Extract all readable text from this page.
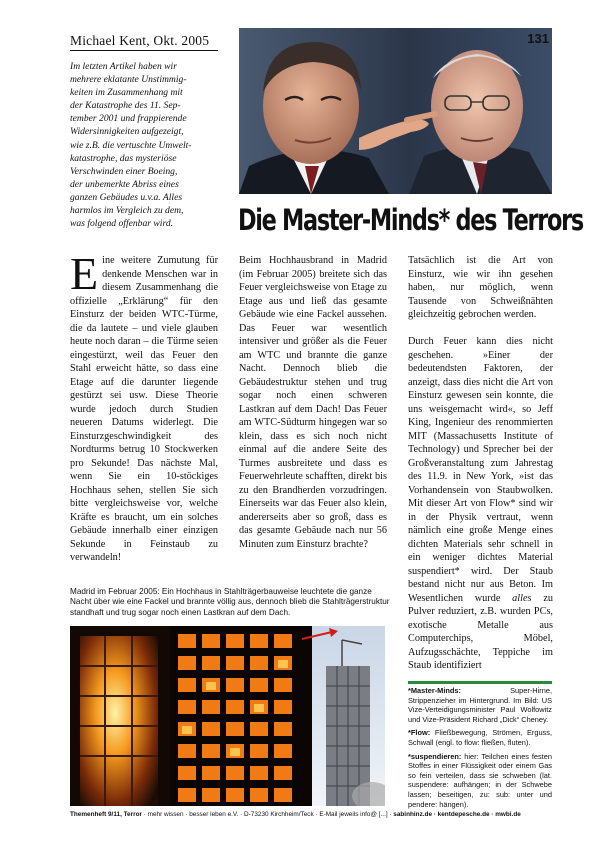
Michael Kent, Okt. 2005
Im letzten Artikel haben wir
mehrere eklatante Unstimmig-
keiten im Zusammenhang mit
der Katastrophe des 11. Sep-
tember 2001 und frappierende
Widersinnigkeiten aufgezeigt,
wie z.B. die vertuschte Umwelt-
katastrophe, das mysteriöse
Verschwinden einer Boeing,
der unbemerkte Abriss eines
ganzen Gebäudes u.v.a. Alles
harmlos im Vergleich zu dem,
was folgend offenbar wird.
131
Die Master-Minds* des Terrors

Eine weitere Zumutung für denkende Menschen war in diesem Zusammenhang die offizielle „Erklärung“ für den Einsturz der beiden WTC-Türme, die da lautete – und viele glauben heute noch daran – die Türme seien eingestürzt, weil das Feuer den Stahl erweicht hätte, so dass eine Etage auf die darunter liegende gestürzt sei usw. Diese Theorie wurde jedoch durch Studien neueren Datums widerlegt. Die Einsturzgeschwindigkeit des Nordturms betrug 10 Stockwerken pro Sekunde! Das nächste Mal, wenn Sie ein 10-stöckiges Hochhaus sehen, stellen Sie sich bitte vergleichsweise vor, welche Kräfte es braucht, um ein solches Gebäude innerhalb einer einzigen Sekunde in Feinstaub zu verwandeln!

Beim Hochhausbrand in Madrid (im Februar 2005) breitete sich das Feuer vergleichsweise von Etage zu Etage aus und ließ das gesamte Gebäude wie eine Fackel aussehen. Das Feuer war wesentlich intensiver und größer als die Feuer am WTC und brannte die ganze Nacht. Dennoch blieb die Gebäudestruktur stehen und trug sogar noch einen schweren Lastkran auf dem Dach! Das Feuer am WTC-Südturm hingegen war so klein, dass es sich noch nicht einmal auf die andere Seite des Turmes ausbreitete und dass es Feuerwehrleute schafften, direkt bis zu den Brandherden vorzudringen. Einerseits war das Feuer also klein, andererseits aber so groß, dass es das gesamte Gebäude nach nur 56 Minuten zum Einsturz brachte?

Tatsächlich ist die Art von Einsturz, wie wir ihn gesehen haben, nur möglich, wenn Tausende von Schweißnähten gleichzeitig gebrochen werden.

Durch Feuer kann dies nicht geschehen. »Einer der bedeutendsten Faktoren, der anzeigt, dass dies nicht die Art von Einsturz gewesen sein konnte, die uns weisgemacht wird«, so Jeff King, Ingenieur des renommierten MIT (Massachusetts Institute of Technology) und Sprecher bei der Großveranstaltung zum Jahrestag des 11.9. in New York, »ist das Vorhandensein von Staubwolken. Mit dieser Art von Flow* sind wir in der Physik vertraut, wenn nämlich eine große Menge eines dichten Materials sehr schnell in ein weniger dichtes Material suspendiert* wird. Der Staub bestand nicht nur aus Beton. Im Wesentlichen wurde alles zu Pulver reduziert, z.B. wurden PCs, exotische Metalle aus Computerchips, Möbel, Aufzugsschächte, Teppiche im Staub identifiziert

Madrid im Februar 2005: Ein Hochhaus in Stahlträgerbauweise leuchtete die ganze Nacht über wie eine Fackel und brannte völlig aus, dennoch blieb die Stahlträgerstruktur standhaft und trug sogar noch einen Lastkran auf dem Dach.
*Master-Minds:	Super-Hirne, Strippenzieher im Hintergrund. Im Bild: US Vize-Verteidigungsminister Paul Wolfowitz und Vize-Präsident Richard „Dick“ Cheney.
*Flow: Fließbewegung, Strömen, Erguss, Schwall (engl. to flow: fließen, fluten).
*suspendieren: hier: Teilchen eines festen Stoffes in einer Flüssigkeit oder einem Gas so fein verteilen, dass sie schweben (lat. suspendere: aufhängen; in der Schwebe lassen; beseitigen, zu: sub: unter und pendere: hängen).
Themenheft 9/11, Terror · mehr wissen · besser leben e.V. · D-73230 Kirchheim/Teck · E-Mail jeweils info@ [...] · sabinhinz.de · kentdepesche.de · mwbi.de
